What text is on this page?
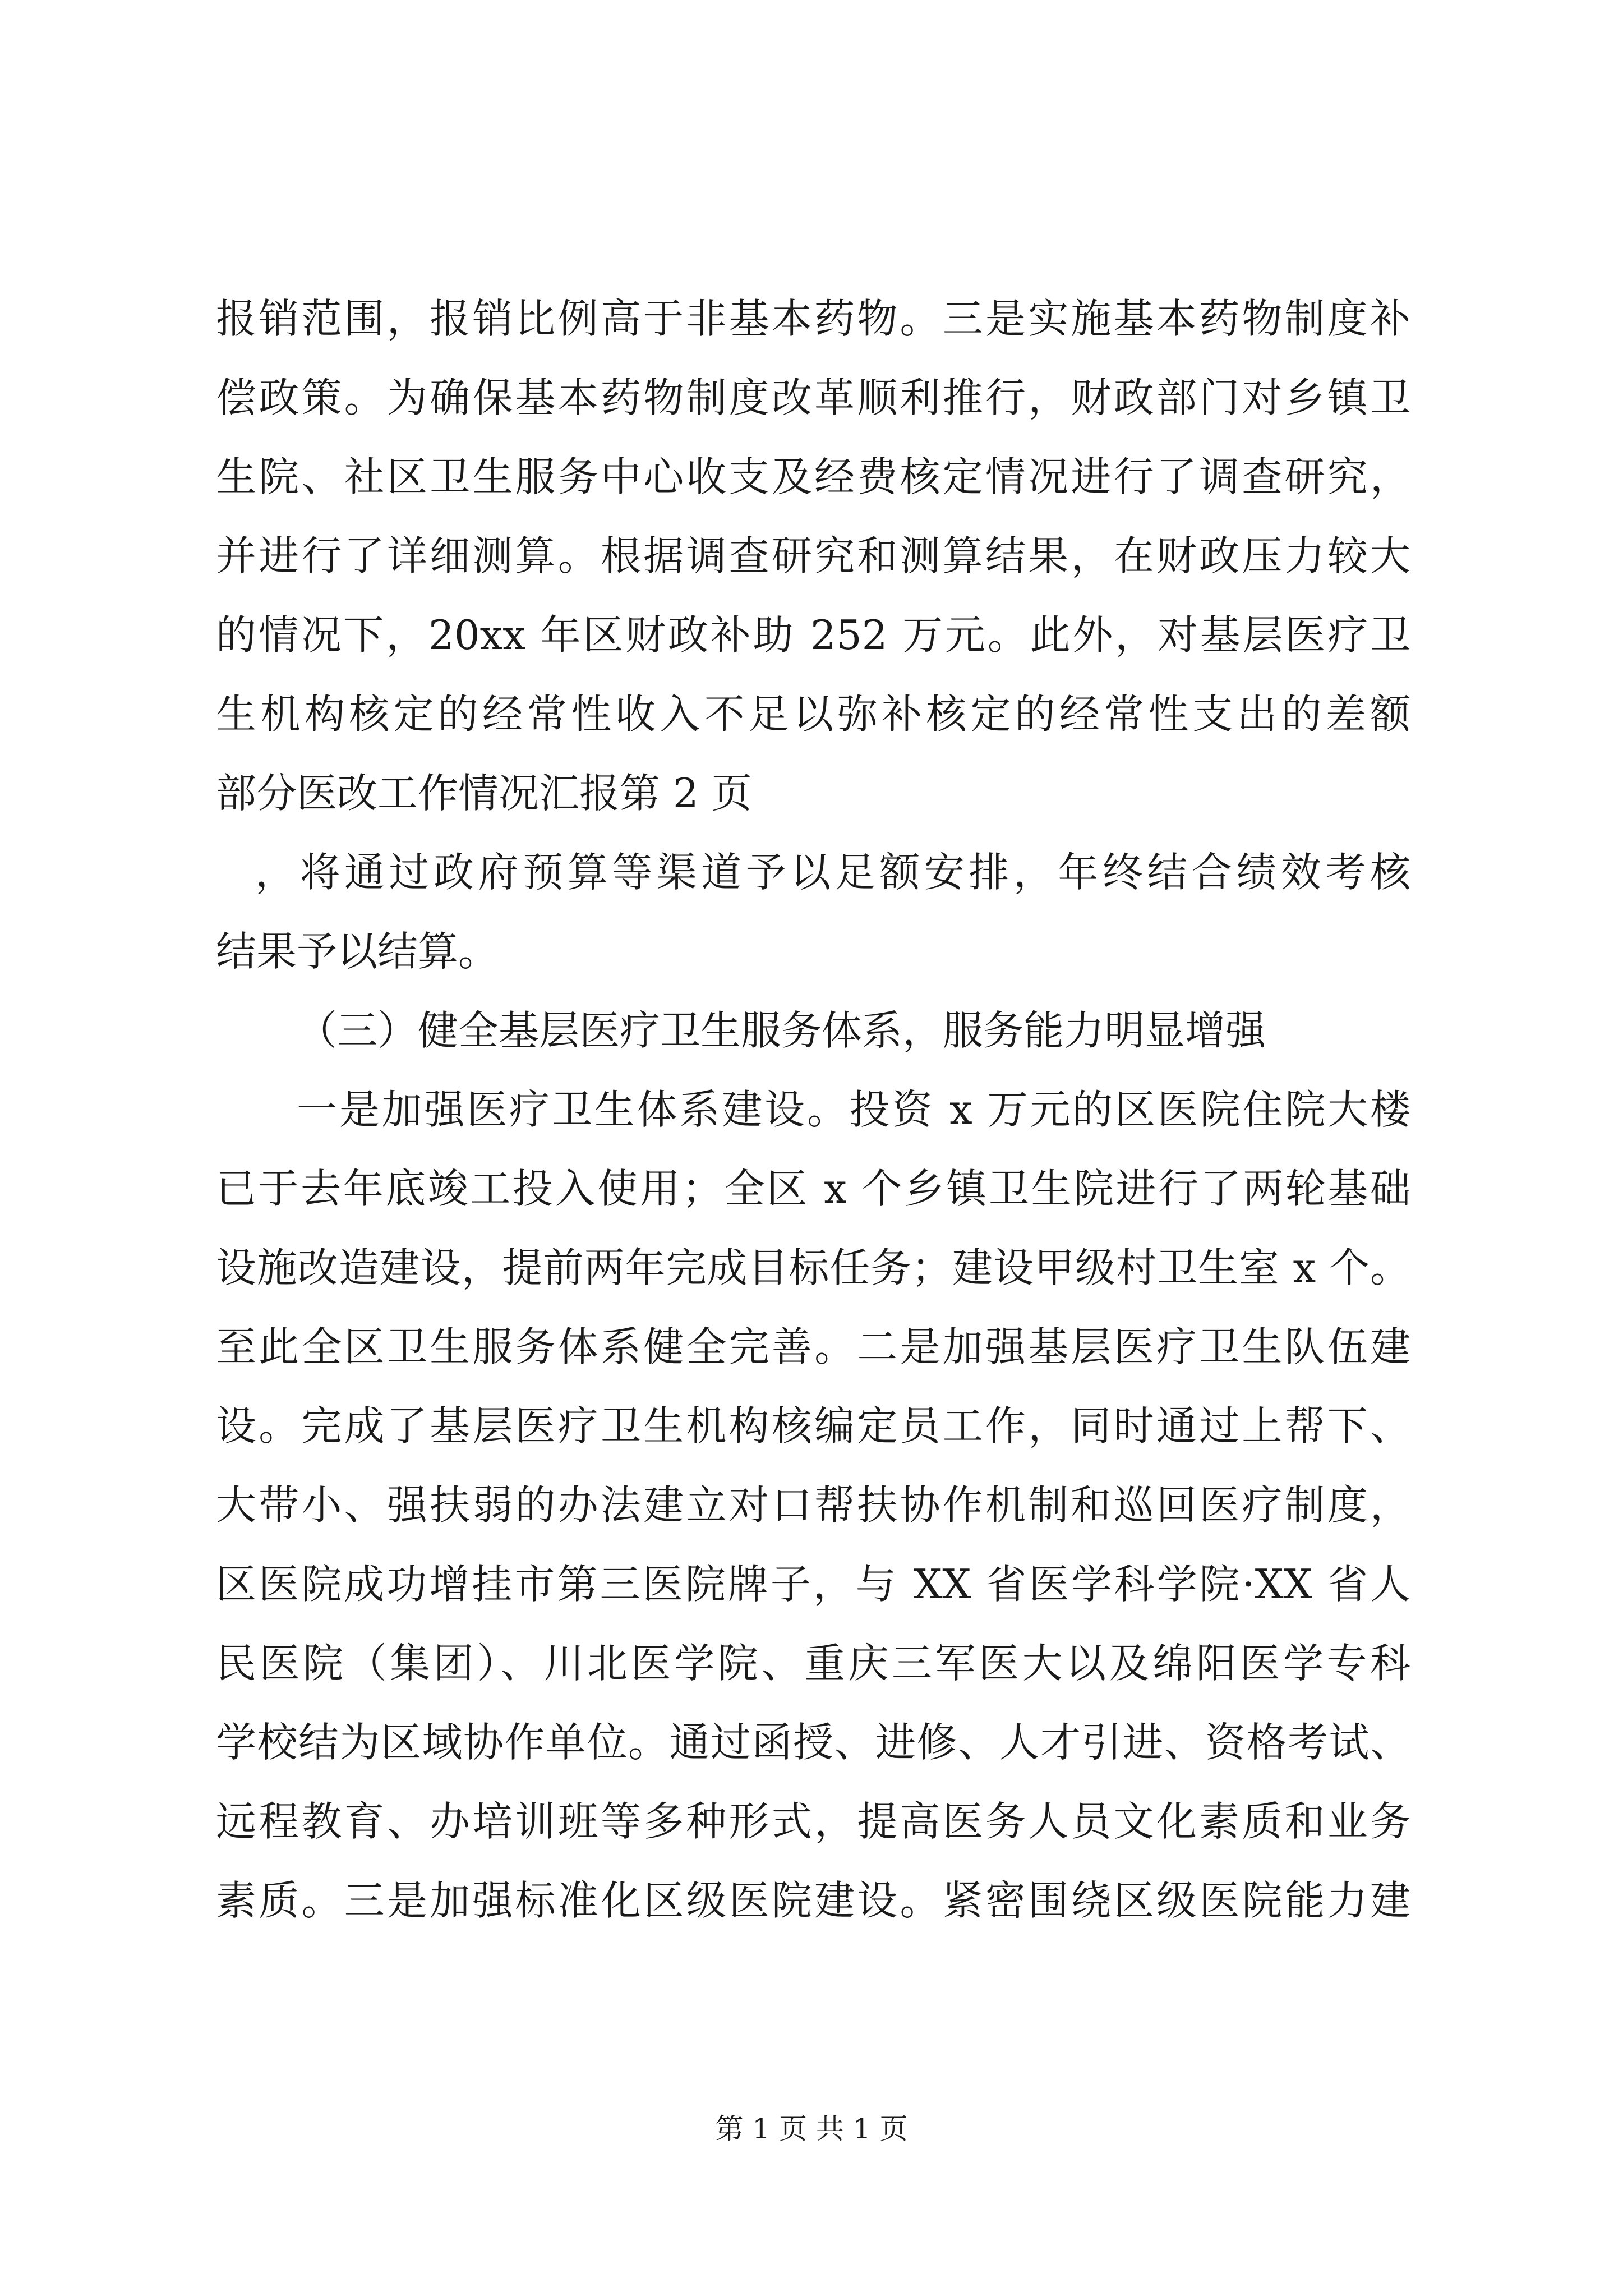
报销范围，报销比例高于非基本药物。三是实施基本药物制度补
偿政策。为确保基本药物制度改革顺利推行，财政部门对乡镇卫
生院、社区卫生服务中心收支及经费核定情况进行了调查研究，
并进行了详细测算。根据调查研究和测算结果，在财政压力较大
的情况下，20xx 年区财政补助 252 万元。此外，对基层医疗卫
生机构核定的经常性收入不足以弥补核定的经常性支出的差额
部分医改工作情况汇报第 2 页
，将通过政府预算等渠道予以足额安排，年终结合绩效考核
结果予以结算。
（三）健全基层医疗卫生服务体系，服务能力明显增强
一是加强医疗卫生体系建设。投资 x 万元的区医院住院大楼
已于去年底竣工投入使用；全区 x 个乡镇卫生院进行了两轮基础
设施改造建设，提前两年完成目标任务；建设甲级村卫生室 x 个。
至此全区卫生服务体系健全完善。二是加强基层医疗卫生队伍建
设。完成了基层医疗卫生机构核编定员工作，同时通过上帮下、
大带小、强扶弱的办法建立对口帮扶协作机制和巡回医疗制度，
区医院成功增挂市第三医院牌子，与 XX 省医学科学院·XX 省人
民医院（集团）、川北医学院、重庆三军医大以及绵阳医学专科
学校结为区域协作单位。通过函授、进修、人才引进、资格考试、
远程教育、办培训班等多种形式，提高医务人员文化素质和业务
素质。三是加强标准化区级医院建设。紧密围绕区级医院能力建
第 1 页 共 1 页
